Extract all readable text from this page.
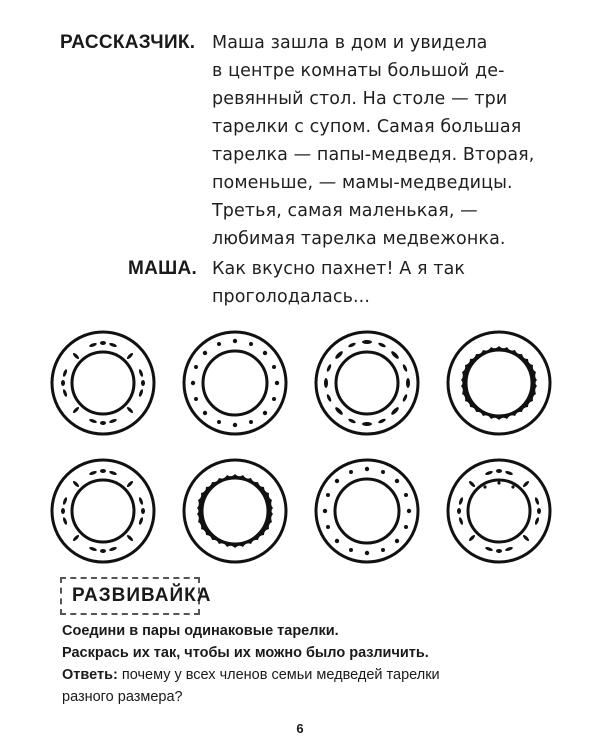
РАССКАЗЧИК. Маша зашла в дом и увидела
в центре комнаты большой де-
ревянный стол. На столе — три
тарелки с супом. Самая большая
тарелка — папы-медведя. Вторая,
поменьше, — мамы-медведицы.
Третья, самая маленькая, —
любимая тарелка медвежонка.
МАША. Как вкусно пахнет! А я так
проголодалась...
РАЗВИВАЙКА
Соедини в пары одинаковые тарелки.
Раскрась их так, чтобы их можно было различить.
Ответь: почему у всех членов семьи медведей тарелки
разного размера?
6
